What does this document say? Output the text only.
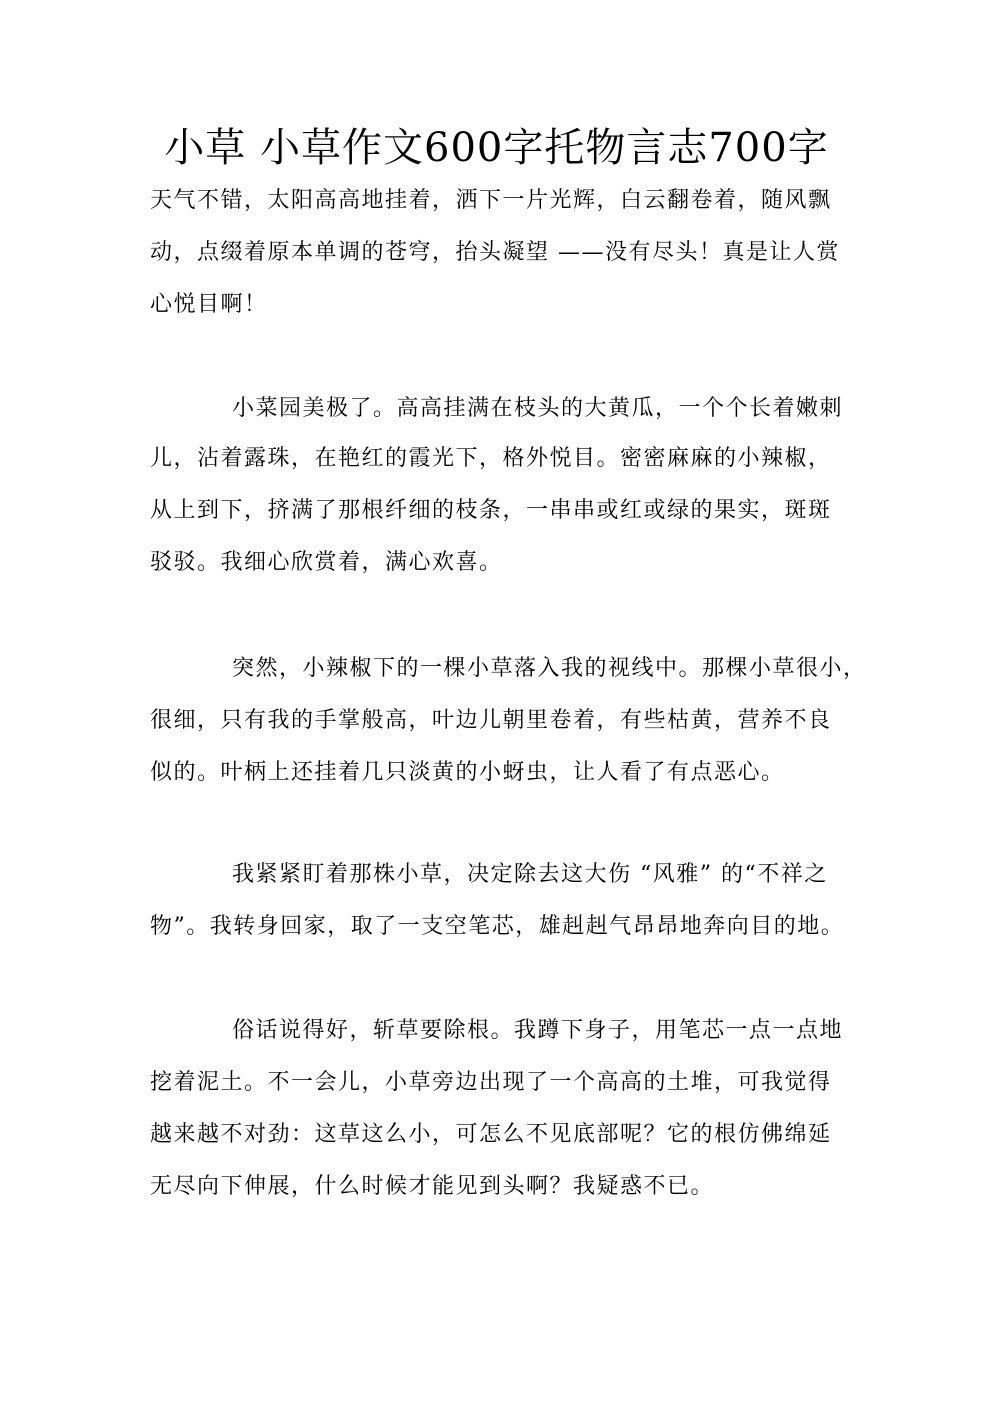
小草 小草作文600字托物言志700字
天气不错，太阳高高地挂着，洒下一片光辉，白云翻卷着，随风飘
动，点缀着原本单调的苍穹，抬头凝望 ——没有尽头！真是让人赏
心悦目啊！
小菜园美极了。高高挂满在枝头的大黄瓜，一个个长着嫩刺
儿，沾着露珠，在艳红的霞光下，格外悦目。密密麻麻的小辣椒，
从上到下，挤满了那根纤细的枝条，一串串或红或绿的果实，斑斑
驳驳。我细心欣赏着，满心欢喜。
突然，小辣椒下的一棵小草落入我的视线中。那棵小草很小，
很细，只有我的手掌般高，叶边儿朝里卷着，有些枯黄，营养不良
似的。叶柄上还挂着几只淡黄的小蚜虫，让人看了有点恶心。
我紧紧盯着那株小草，决定除去这大伤 “风雅” 的“不祥之
物”。我转身回家，取了一支空笔芯，雄赳赳气昂昂地奔向目的地。
俗话说得好，斩草要除根。我蹲下身子，用笔芯一点一点地
挖着泥土。不一会儿，小草旁边出现了一个高高的土堆，可我觉得
越来越不对劲：这草这么小，可怎么不见底部呢？它的根仿佛绵延
无尽向下伸展，什么时候才能见到头啊？我疑惑不已。
